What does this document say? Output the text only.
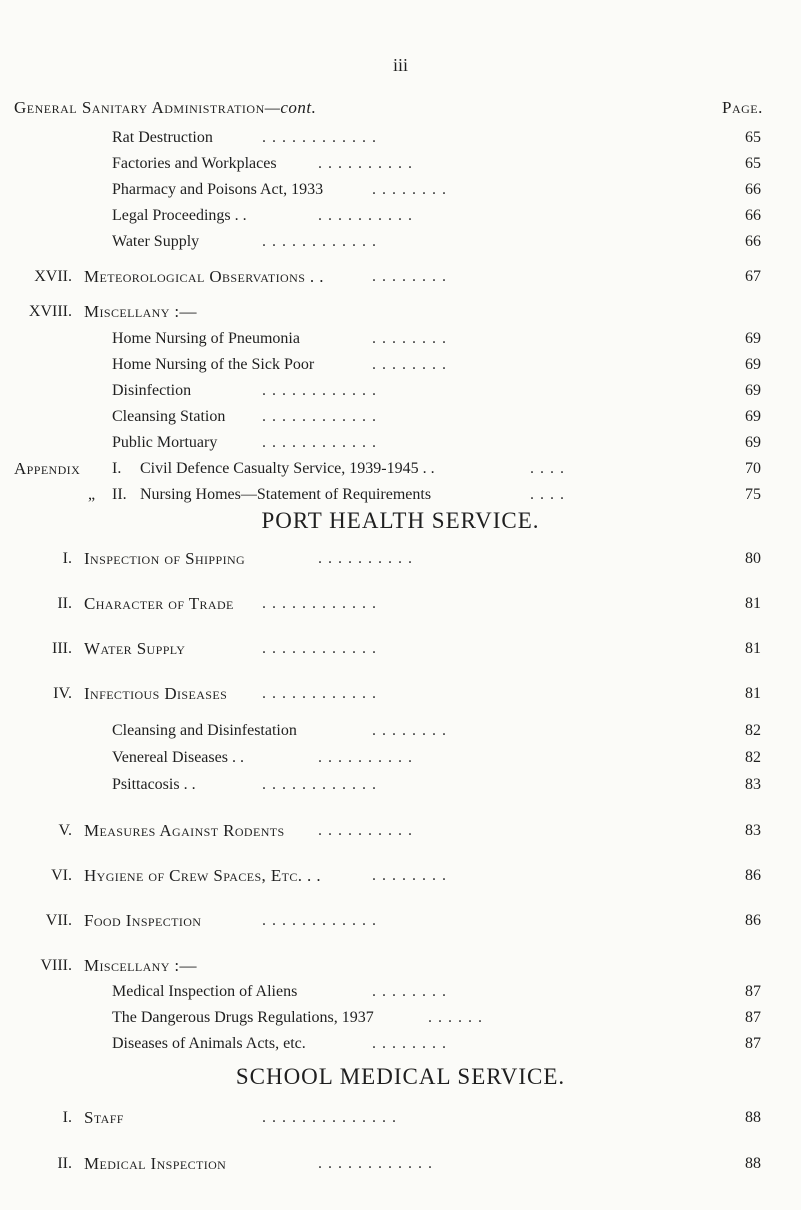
iii
General Sanitary Administration—cont.	Page.
Rat Destruction	. . . . . . . . . . . .	65
Factories and Workplaces	. . . . . . . . . .	65
Pharmacy and Poisons Act, 1933	. . . . . . . .	66
Legal Proceedings . .	. . . . . . . . . .	66
Water Supply	. . . . . . . . . . . .	66
XVII. Meteorological Observations . .	. . . . . . . .	67
XVIII. Miscellany :—
Home Nursing of Pneumonia	. . . . . . . .	69
Home Nursing of the Sick Poor	. . . . . . . .	69
Disinfection	. . . . . . . . . . . .	69
Cleansing Station . . . . . . . . . . . .	69
Public Mortuary	. . . . . . . . . . . .	69
Appendix I. Civil Defence Casualty Service, 1939-1945 . .	. . . .	70
„ II. Nursing Homes—Statement of Requirements	. . . .	75
PORT HEALTH SERVICE.
I. Inspection of Shipping	. . . . . . . . . .	80
II. Character of Trade . . . . . . . . . . . .	81
III. Water Supply	. . . . . . . . . . . .	81
IV. Infectious Diseases . . . . . . . . . . . .	81
Cleansing and Disinfestation	. . . . . . . .	82
Venereal Diseases . .	. . . . . . . . . .	82
Psittacosis . .	. . . . . . . . . . . .	83
V. Measures Against Rodents . . . . . . . . . .	83
VI. Hygiene of Crew Spaces, Etc. . .	. . . . . . . .	86
VII. Food Inspection	. . . . . . . . . . . .	86
VIII. Miscellany :—
Medical Inspection of Aliens	. . . . . . . .	87
The Dangerous Drugs Regulations, 1937	. . . . . .	87
Diseases of Animals Acts, etc.	. . . . . . . .	87
SCHOOL MEDICAL SERVICE.
I. Staff	. . . . . . . . . . . . . .	88
II. Medical Inspection	. . . . . . . . . . . .	88
